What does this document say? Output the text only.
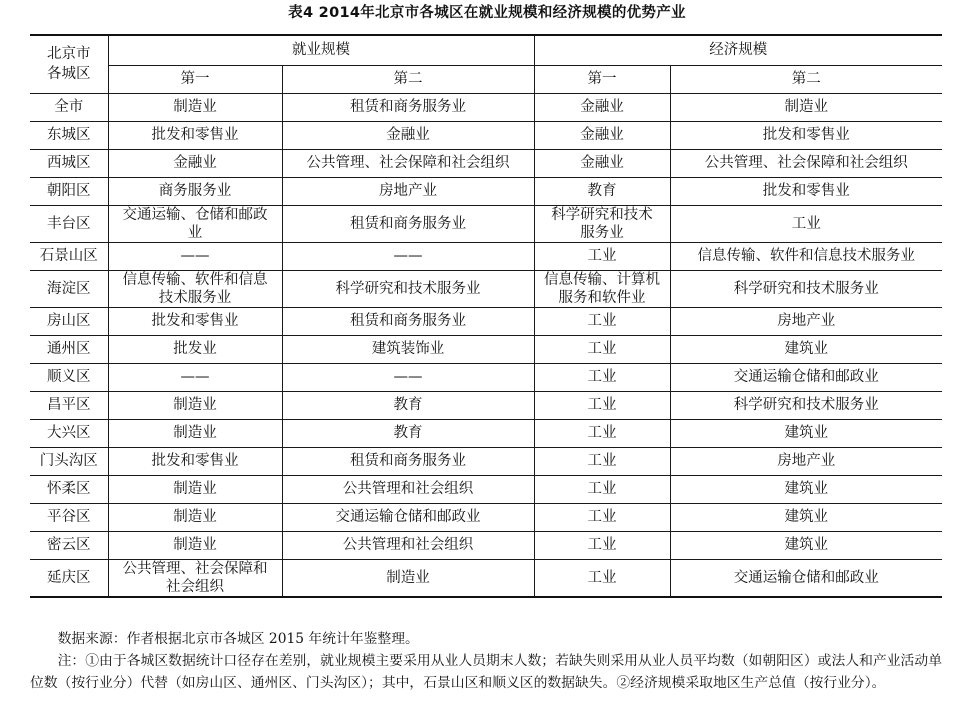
表4 2014年北京市各城区在就业规模和经济规模的优势产业
北京市各城区	就业规模		经济规模	
	第一	第二	第一	第二
全市	制造业	租赁和商务服务业	金融业	制造业
东城区	批发和零售业	金融业	金融业	批发和零售业
西城区	金融业	公共管理、社会保障和社会组织	金融业	公共管理、社会保障和社会组织
朝阳区	商务服务业	房地产业	教育	批发和零售业
丰台区	交通运输、仓储和邮政业	租赁和商务服务业	科学研究和技术服务业	工业
石景山区	——	——	工业	信息传输、软件和信息技术服务业
海淀区	信息传输、软件和信息技术服务业	科学研究和技术服务业	信息传输、计算机服务和软件业	科学研究和技术服务业
房山区	批发和零售业	租赁和商务服务业	工业	房地产业
通州区	批发业	建筑装饰业	工业	建筑业
顺义区	——	——	工业	交通运输仓储和邮政业
昌平区	制造业	教育	工业	科学研究和技术服务业
大兴区	制造业	教育	工业	建筑业
门头沟区	批发和零售业	租赁和商务服务业	工业	房地产业
怀柔区	制造业	公共管理和社会组织	工业	建筑业
平谷区	制造业	交通运输仓储和邮政业	工业	建筑业
密云区	制造业	公共管理和社会组织	工业	建筑业
延庆区	公共管理、社会保障和社会组织	制造业	工业	交通运输仓储和邮政业

数据来源：作者根据北京市各城区 2015 年统计年鉴整理。

注：①由于各城区数据统计口径存在差别，就业规模主要采用从业人员期末人数；若缺失则采用从业人员平均数（如朝阳区）或法人和产业活动单位数（按行业分）代替（如房山区、通州区、门头沟区）；其中，石景山区和顺义区的数据缺失。②经济规模采取地区生产总值（按行业分）。
